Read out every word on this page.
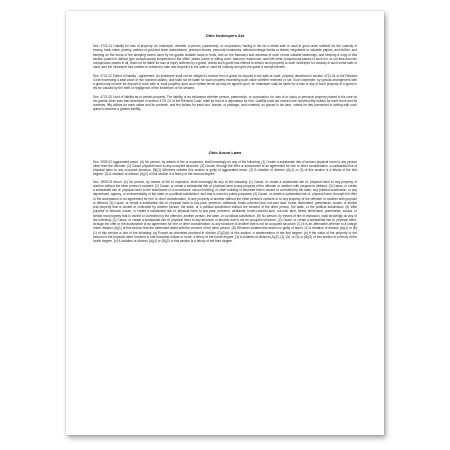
Ohio Innkeepers Act

Sec. 4721.01 Liability for loss of property. An innkeeper, whether a person, partnership, or corporation, having in his inn a metal safe or vault in good order suitable for the custody of money, bank notes, jewelry, articles of gold and silver manufacture, precious stones, personal ornaments, railroad mileage books or tickets, negotiable or valuable papers, and bullion, and keeping on the doors of the sleeping rooms used by his guests suitable locks or bolts, and on the transoms and windows of such rooms suitable fastenings, and keeping a copy of this section posted in distinct type conspicuously suspended in the office, ladies' parlor or sitting room, barroom, washroom, and five other conspicuous places in such inn, or not less than ten conspicuous places in all, shall not be liable for loss or injury suffered by a guest, unless such guest has offered to deliver such property to such innkeeper for custody in such metal safe or vault, and the innkeeper has omitted or refused to take and deposit it in the safe or vault for custody and give the guest a receipt therefor.

Sec. 4721.02 Extent of liability - agreement. An innkeeper shall not be obliged to receive from a guest for deposit in the safe or vault, property described in section 4721.01 of the Revised Code exceeding a total value of five hundred dollars, and shall not be liable for such property exceeding such value whether received or not. Such innkeeper, by special arrangement with a guest may receive for deposit in such safe or vault property upon such written terms as may be agreed upon. An innkeeper shall be liable for a loss of any of such property of a guest in his inn caused by the theft or negligence of the innkeeper or his servant.

Sec. 4721.03 Limit of liability as to certain property. The liability of an innkeeper whether person, partnership, or corporation, for loss of or injury to personal property placed in his care by his guests other than that described in section 4721.01 of the Revised Code, shall be that of a depositary for hire. Liability shall not exceed one hundred fifty dollars for each trunk and its contents, fifty dollars for each valise and its contents, and ten dollars for each box, bundle, or package, and contents, so placed in his care, unless he has consented in writing with such guest to assume a greater liability.

Ohio Arson Laws

Sec. 2909.02 Aggravated arson. (A) No person, by means of fire or explosion, shall knowingly do any of the following: (1) Create a substantial risk of serious physical harm to any person other than the offender; (2) Cause physical harm to any occupied structure; (3) Create, through the offer or acceptance of an agreement for hire or other consideration, a substantial risk of physical harm to any occupied structure. (B)(1) Whoever violates this section is guilty of aggravated arson. (2) A violation of division (A)(1) or (3) of this section is a felony of the first degree. (3) A violation of division (A)(2) of this section is a felony of the second degree.

Sec. 2909.03 Arson. (A) No person, by means of fire or explosion, shall knowingly do any of the following: (1) Cause, or create a substantial risk of, physical harm to any property of another without the other person's consent; (2) Cause, or create a substantial risk of, physical harm to any property of the offender or another, with purpose to defraud; (3) Cause, or create a substantial risk of, physical harm to the statehouse or a courthouse, school building, or other building or structure that is owned or controlled by the state, any political subdivision, or any department, agency, or instrumentality of the state or a political subdivision, and that is used for public purposes; (4) Cause, or create a substantial risk of, physical harm, through the offer or the acceptance of an agreement for hire or other consideration, to any property of another without the other person's consent or to any property of the offender or another with purpose to defraud; (5) Cause, or create a substantial risk of, physical harm to any park, preserve, wildlands, brush-covered land, cut-over land, forest, timberland, greenlands, woods, or similar real property that is owned or controlled by another person, the state, or a political subdivision without the consent of the other person, the state, or the political subdivision. (6) With purpose to defraud, cause, or create a substantial risk of, physical harm to any park, preserve, wildlands, brush-covered land, cut-over land, forest, timberland, greenlands, woods, or similar real property that is owned or controlled by the offender, another person, the state, or a political subdivision. (B) No person, by means of fire or explosion, shall knowingly do any of the following: (1) Cause, or create a substantial risk of, physical harm to any structure of another that is not an occupied structure; (2) Cause, or create a substantial risk of, physical harm, through the offer or the acceptance of an agreement for hire or other consideration, to any structure of another that is not an occupied structure. (C) It is an affirmative defense to a charge under division (A)(1) of this section that the defendant acted with the consent of the other person. (D) Whoever violates this section is guilty of arson. (2) A violation of division (A)(1) or (B)(1) of this section is one of the following: (a) Except as otherwise provided in division (D)(2)(b) of this section, a misdemeanor of the first degree; (b) If the value of the property or the amount of the physical harm involved is one thousand dollars or more, a felony of the fourth degree. (3) A violation of division (A)(2), (3), (5), or (6) or (B)(2) of this section is a felony of the fourth degree. (4) A violation of division (A)(4) or (B)(2) of this section is a felony of the third degree.
